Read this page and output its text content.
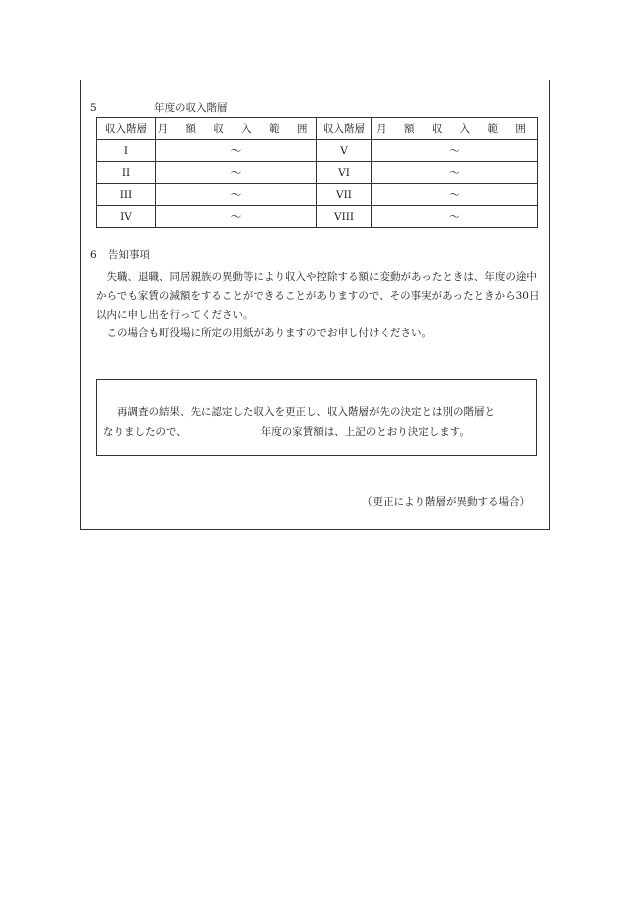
5	年度の収入階層
収入階層	月 額 収 入 範 囲	収入階層	月 額 収 入 範 囲
I	～	V	～
II	～	VI	～
III	～	VII	～
IV	～	VIII	～
6 告知事項

　失職、退職、同居親族の異動等により収入や控除する額に変動があったときは、年度の途中からでも家賃の減額をすることができることがありますので、その事実があったときから30日以内に申し出を行ってください。

　この場合も町役場に所定の用紙がありますのでお申し付けください。

再調査の結果、先に認定した収入を更正し、収入階層が先の決定とは別の階層と
なりましたので、	年度の家賃額は、上記のとおり決定します。
（更正により階層が異動する場合）
